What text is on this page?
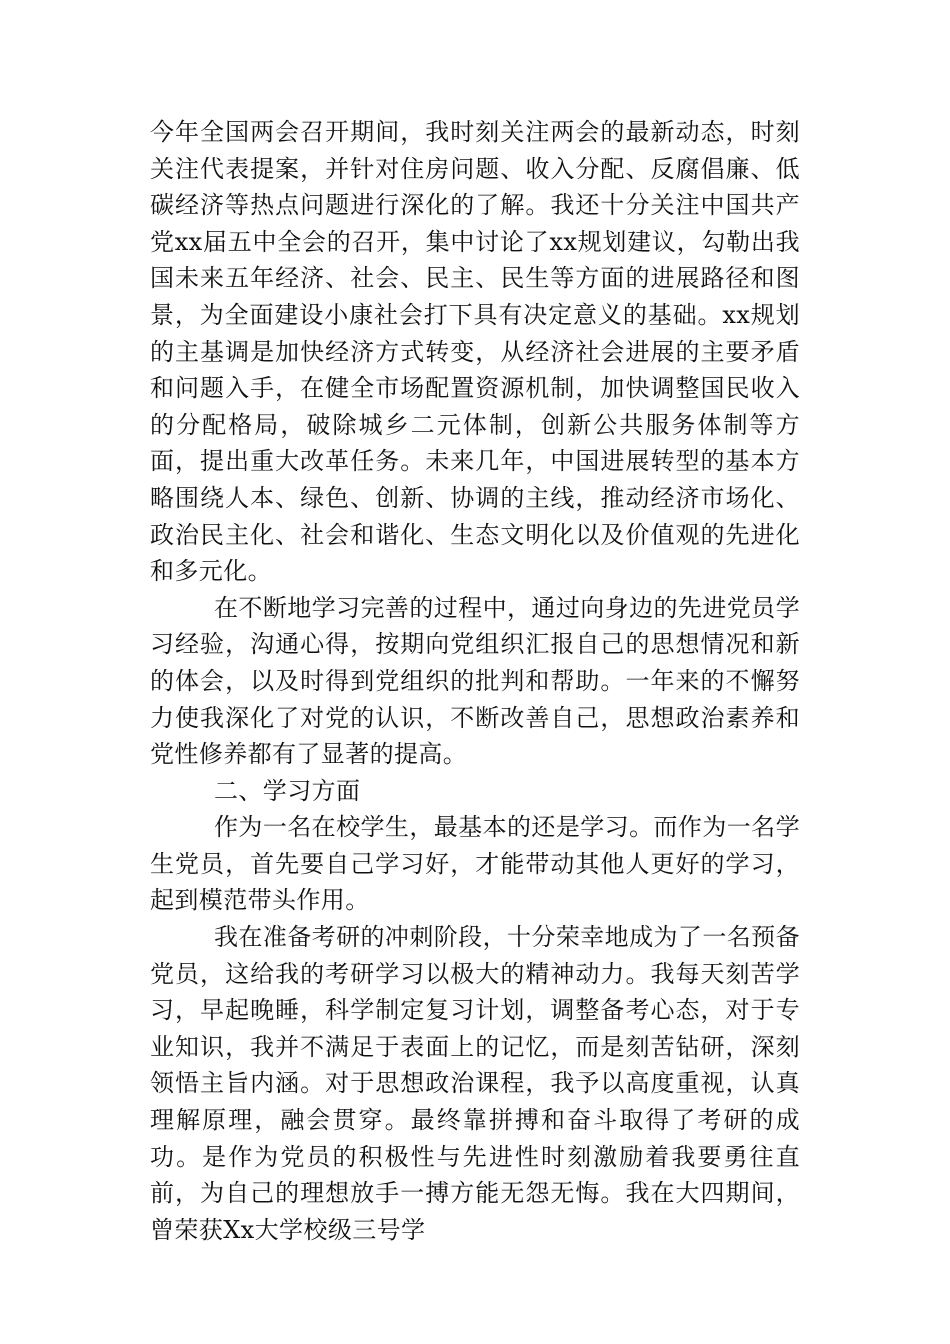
今年全国两会召开期间，我时刻关注两会的最新动态，时刻关注代表提案，并针对住房问题、收入分配、反腐倡廉、低碳经济等热点问题进行深化的了解。我还十分关注中国共产党xx届五中全会的召开，集中讨论了xx规划建议，勾勒出我国未来五年经济、社会、民主、民生等方面的进展路径和图景，为全面建设小康社会打下具有决定意义的基础。xx规划的主基调是加快经济方式转变，从经济社会进展的主要矛盾和问题入手，在健全市场配置资源机制，加快调整国民收入的分配格局，破除城乡二元体制，创新公共服务体制等方面，提出重大改革任务。未来几年，中国进展转型的基本方略围绕人本、绿色、创新、协调的主线，推动经济市场化、政治民主化、社会和谐化、生态文明化以及价值观的先进化和多元化。

在不断地学习完善的过程中，通过向身边的先进党员学习经验，沟通心得，按期向党组织汇报自己的思想情况和新的体会，以及时得到党组织的批判和帮助。一年来的不懈努力使我深化了对党的认识，不断改善自己，思想政治素养和党性修养都有了显著的提高。

二、学习方面

作为一名在校学生，最基本的还是学习。而作为一名学生党员，首先要自己学习好，才能带动其他人更好的学习，起到模范带头作用。

我在准备考研的冲刺阶段，十分荣幸地成为了一名预备党员，这给我的考研学习以极大的精神动力。我每天刻苦学习，早起晚睡，科学制定复习计划，调整备考心态，对于专业知识，我并不满足于表面上的记忆，而是刻苦钻研，深刻领悟主旨内涵。对于思想政治课程，我予以高度重视，认真理解原理，融会贯穿。最终靠拼搏和奋斗取得了考研的成功。是作为党员的积极性与先进性时刻激励着我要勇往直前，为自己的理想放手一搏方能无怨无悔。我在大四期间，曾荣获Xx大学校级三号学
